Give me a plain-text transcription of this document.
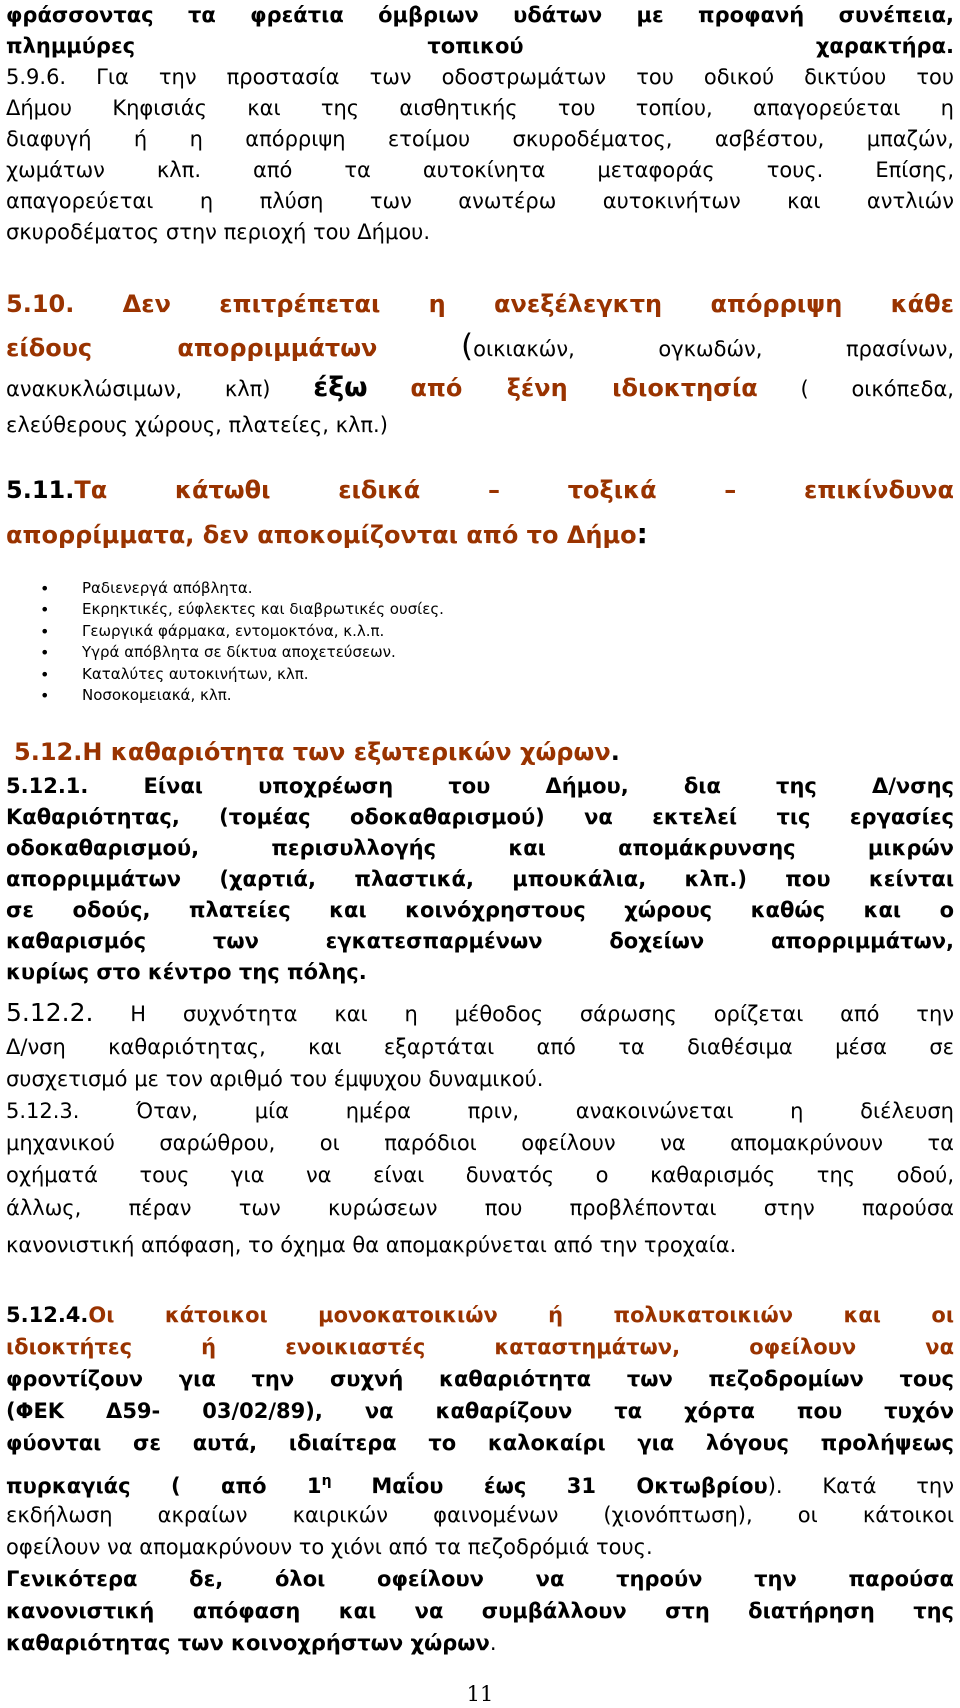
φράσσοντας τα φρεάτια όμβριων υδάτων με προφανή συνέπεια,
πλημμύρες τοπικού χαρακτήρα.
5.9.6. Για την προστασία των οδοστρωμάτων του οδικού δικτύου του
Δήμου Κηφισιάς και της αισθητικής του τοπίου, απαγορεύεται η
διαφυγή ή η απόρριψη ετοίμου σκυροδέματος, ασβέστου, μπαζών,
χωμάτων κλπ. από τα αυτοκίνητα μεταφοράς τους. Επίσης,
απαγορεύεται η πλύση των ανωτέρω αυτοκινήτων και αντλιών
σκυροδέματος στην περιοχή του Δήμου.
5.10. Δεν επιτρέπεται η ανεξέλεγκτη απόρριψη κάθε
είδους απορριμμάτων	(οικιακών, ογκωδών, πρασίνων,
ανακυκλώσιμων, κλπ) έξω από ξένη ιδιοκτησία ( οικόπεδα,
ελεύθερους χώρους, πλατείες, κλπ.)
5.11.Τα κάτωθι ειδικά – τοξικά – επικίνδυνα
απορρίμματα, δεν αποκομίζονται από το Δήμο:
• Ραδιενεργά απόβλητα.
• Εκρηκτικές, εύφλεκτες και διαβρωτικές ουσίες.
• Γεωργικά φάρμακα, εντομοκτόνα, κ.λ.π.
• Υγρά απόβλητα σε δίκτυα αποχετεύσεων.
• Καταλύτες αυτοκινήτων, κλπ.
• Νοσοκομειακά, κλπ.
5.12.Η καθαριότητα των εξωτερικών χώρων.
5.12.1. Είναι υποχρέωση του Δήμου, δια της Δ/νσης
Καθαριότητας, (τομέας οδοκαθαρισμού) να εκτελεί τις εργασίες
οδοκαθαρισμού, περισυλλογής και απομάκρυνσης μικρών
απορριμμάτων (χαρτιά, πλαστικά, μπουκάλια, κλπ.) που κείνται
σε οδούς, πλατείες και κοινόχρηστους χώρους καθώς και ο
καθαρισμός των εγκατεσπαρμένων δοχείων απορριμμάτων,
κυρίως στο κέντρο της πόλης.
5.12.2. Η συχνότητα και η μέθοδος σάρωσης ορίζεται από την
Δ/νση καθαριότητας, και εξαρτάται από τα διαθέσιμα μέσα σε
συσχετισμό με τον αριθμό του έμψυχου δυναμικού.
5.12.3. Όταν, μία ημέρα πριν, ανακοινώνεται η διέλευση
μηχανικού σαρώθρου, οι παρόδιοι οφείλουν να απομακρύνουν τα
οχήματά τους για να είναι δυνατός ο καθαρισμός της οδού,
άλλως, πέραν των κυρώσεων που προβλέπονται στην παρούσα
κανονιστική απόφαση, το όχημα θα απομακρύνεται από την τροχαία.
5.12.4.Οι κάτοικοι μονοκατοικιών ή πολυκατοικιών και οι
ιδιοκτήτες ή ενοικιαστές καταστημάτων, οφείλουν να
φροντίζουν για την συχνή καθαριότητα των πεζοδρομίων τους
(ΦΕΚ Δ59- 03/02/89), να καθαρίζουν τα χόρτα που τυχόν
φύονται σε αυτά, ιδιαίτερα το καλοκαίρι για λόγους προλήψεως
πυρκαγιάς ( από $1^\eta$ Μαΐου έως 31 Οκτωβρίου). Κατά την
εκδήλωση ακραίων καιρικών φαινομένων (χιονόπτωση), οι κάτοικοι
οφείλουν να απομακρύνουν το χιόνι από τα πεζοδρόμιά τους.
Γενικότερα δε, όλοι οφείλουν να τηρούν την παρούσα
κανονιστική απόφαση και να συμβάλλουν στη διατήρηση της
καθαριότητας των κοινοχρήστων χώρων.
11
